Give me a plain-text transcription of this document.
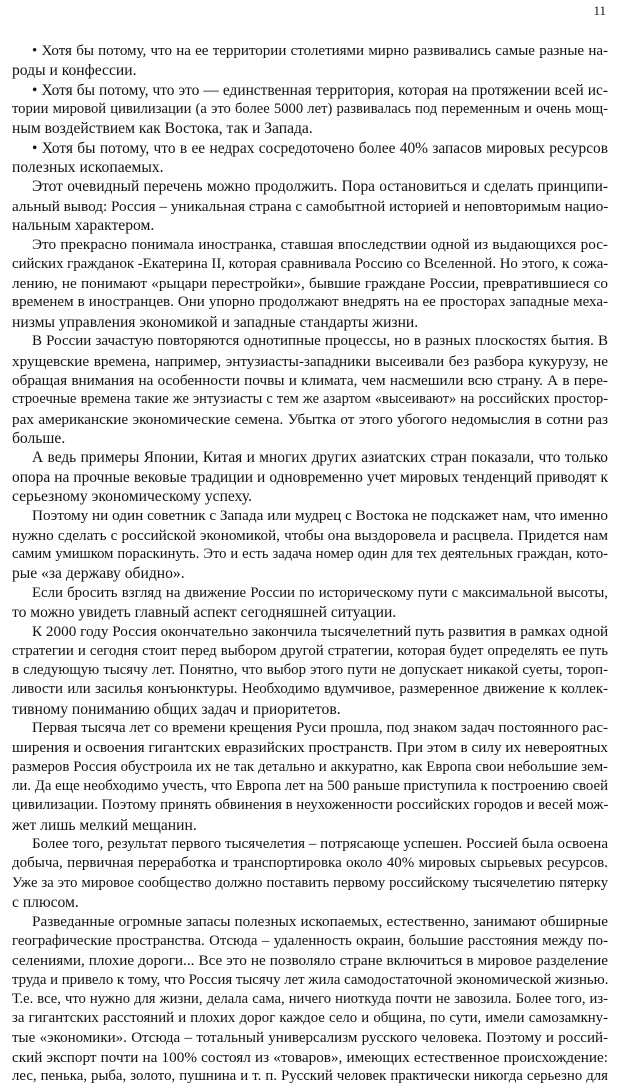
11
• Хотя бы потому, что на ее территории столетиями мирно развивались самые разные на-
роды и конфессии.
• Хотя бы потому, что это — единственная территория, которая на протяжении всей ис-
тории мировой цивилизации (а это более 5000 лет) развивалась под переменным и очень мощ-
ным воздействием как Востока, так и Запада.
• Хотя бы потому, что в ее недрах сосредоточено более 40% запасов мировых ресурсов
полезных ископаемых.
Этот очевидный перечень можно продолжить. Пора остановиться и сделать принципи-
альный вывод: Россия – уникальная страна с самобытной историей и неповторимым нацио-
нальным характером.
Это прекрасно понимала иностранка, ставшая впоследствии одной из выдающихся рос-
сийских гражданок -Екатерина II, которая сравнивала Россию со Вселенной. Но этого, к сожа-
лению, не понимают «рыцари перестройки», бывшие граждане России, превратившиеся со
временем в иностранцев. Они упорно продолжают внедрять на ее просторах западные меха-
низмы управления экономикой и западные стандарты жизни.
В России зачастую повторяются однотипные процессы, но в разных плоскостях бытия. В
хрущевские времена, например, энтузиасты-западники высеивали без разбора кукурузу, не
обращая внимания на особенности почвы и климата, чем насмешили всю страну. А в пере-
строечные времена такие же энтузиасты с тем же азартом «высеивают» на российских простор-
рах американские экономические семена. Убытка от этого убогого недомыслия в сотни раз
больше.
А ведь примеры Японии, Китая и многих других азиатских стран показали, что только
опора на прочные вековые традиции и одновременно учет мировых тенденций приводят к
серьезному экономическому успеху.
Поэтому ни один советник с Запада или мудрец с Востока не подскажет нам, что именно
нужно сделать с российской экономикой, чтобы она выздоровела и расцвела. Придется нам
самим умишком пораскинуть. Это и есть задача номер один для тех деятельных граждан, кото-
рые «за державу обидно».
Если бросить взгляд на движение России по историческому пути с максимальной высоты,
то можно увидеть главный аспект сегодняшней ситуации.
К 2000 году Россия окончательно закончила тысячелетний путь развития в рамках одной
стратегии и сегодня стоит перед выбором другой стратегии, которая будет определять ее путь
в следующую тысячу лет. Понятно, что выбор этого пути не допускает никакой суеты, тороп-
ливости или засилья конъюнктуры. Необходимо вдумчивое, размеренное движение к коллек-
тивному пониманию общих задач и приоритетов.
Первая тысяча лет со времени крещения Руси прошла, под знаком задач постоянного рас-
ширения и освоения гигантских евразийских пространств. При этом в силу их невероятных
размеров Россия обустроила их не так детально и аккуратно, как Европа свои небольшие зем-
ли. Да еще необходимо учесть, что Европа лет на 500 раньше приступила к построению своей
цивилизации. Поэтому принять обвинения в неухоженности российских городов и весей мож-
жет лишь мелкий мещанин.
Более того, результат первого тысячелетия – потрясающе успешен. Россией была освоена
добыча, первичная переработка и транспортировка около 40% мировых сырьевых ресурсов.
Уже за это мировое сообщество должно поставить первому российскому тысячелетию пятерку
с плюсом.
Разведанные огромные запасы полезных ископаемых, естественно, занимают обширные
географические пространства. Отсюда – удаленность окраин, большие расстояния между по-
селениями, плохие дороги... Все это не позволяло стране включиться в мировое разделение
труда и привело к тому, что Россия тысячу лет жила самодостаточной экономической жизнью.
Т.е. все, что нужно для жизни, делала сама, ничего ниоткуда почти не завозила. Более того, из-
за гигантских расстояний и плохих дорог каждое село и община, по сути, имели самозамкну-
тые «экономики». Отсюда – тотальный универсализм русского человека. Поэтому и россий-
ский экспорт почти на 100% состоял из «товаров», имеющих естественное происхождение:
лес, пенька, рыба, золото, пушнина и т. п. Русский человек практически никогда серьезно для
